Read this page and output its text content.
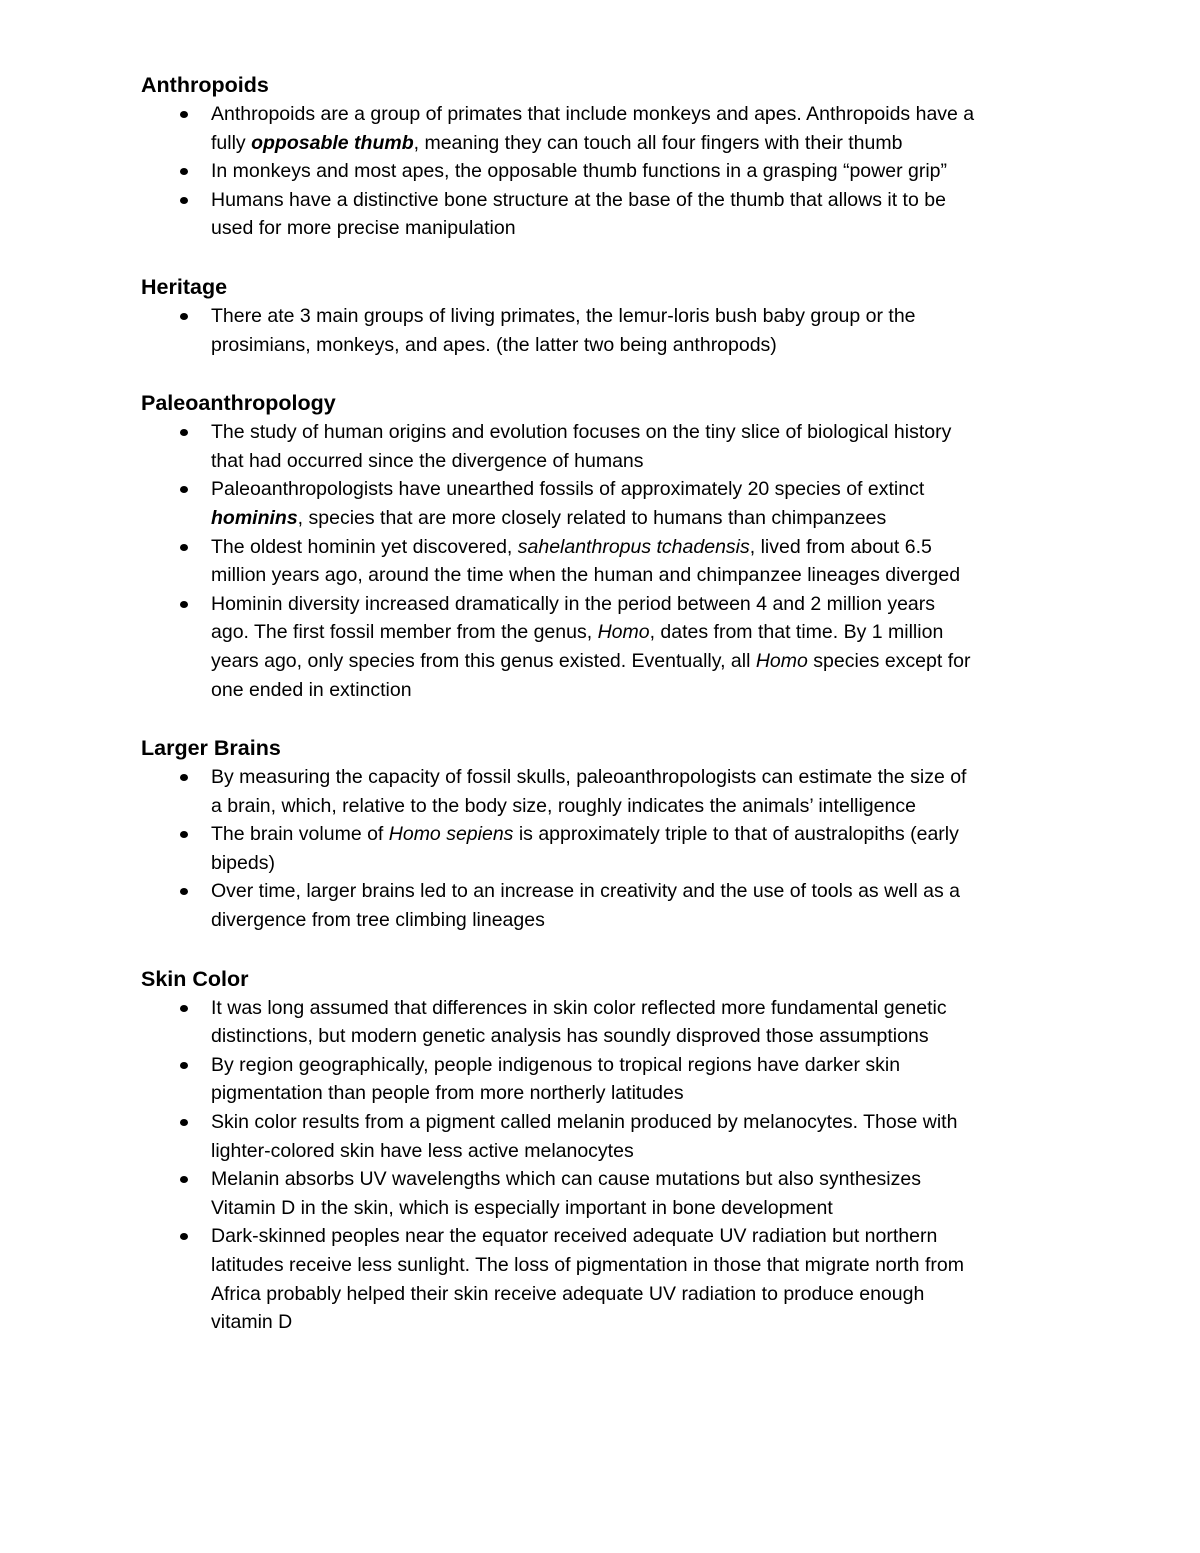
Anthropoids
Anthropoids are a group of primates that include monkeys and apes. Anthropoids have a
fully opposable thumb, meaning they can touch all four fingers with their thumb
In monkeys and most apes, the opposable thumb functions in a grasping “power grip”
Humans have a distinctive bone structure at the base of the thumb that allows it to be
used for more precise manipulation
Heritage
There ate 3 main groups of living primates, the lemur-loris bush baby group or the
prosimians, monkeys, and apes. (the latter two being anthropods)
Paleoanthropology
The study of human origins and evolution focuses on the tiny slice of biological history
that had occurred since the divergence of humans
Paleoanthropologists have unearthed fossils of approximately 20 species of extinct
hominins, species that are more closely related to humans than chimpanzees
The oldest hominin yet discovered, sahelanthropus tchadensis, lived from about 6.5
million years ago, around the time when the human and chimpanzee lineages diverged
Hominin diversity increased dramatically in the period between 4 and 2 million years
ago. The first fossil member from the genus, Homo, dates from that time. By 1 million
years ago, only species from this genus existed. Eventually, all Homo species except for
one ended in extinction
Larger Brains
By measuring the capacity of fossil skulls, paleoanthropologists can estimate the size of
a brain, which, relative to the body size, roughly indicates the animals’ intelligence
The brain volume of Homo sepiens is approximately triple to that of australopiths (early
bipeds)
Over time, larger brains led to an increase in creativity and the use of tools as well as a
divergence from tree climbing lineages
Skin Color
It was long assumed that differences in skin color reflected more fundamental genetic
distinctions, but modern genetic analysis has soundly disproved those assumptions
By region geographically, people indigenous to tropical regions have darker skin
pigmentation than people from more northerly latitudes
Skin color results from a pigment called melanin produced by melanocytes. Those with
lighter-colored skin have less active melanocytes
Melanin absorbs UV wavelengths which can cause mutations but also synthesizes
Vitamin D in the skin, which is especially important in bone development
Dark-skinned peoples near the equator received adequate UV radiation but northern
latitudes receive less sunlight. The loss of pigmentation in those that migrate north from
Africa probably helped their skin receive adequate UV radiation to produce enough
vitamin D
